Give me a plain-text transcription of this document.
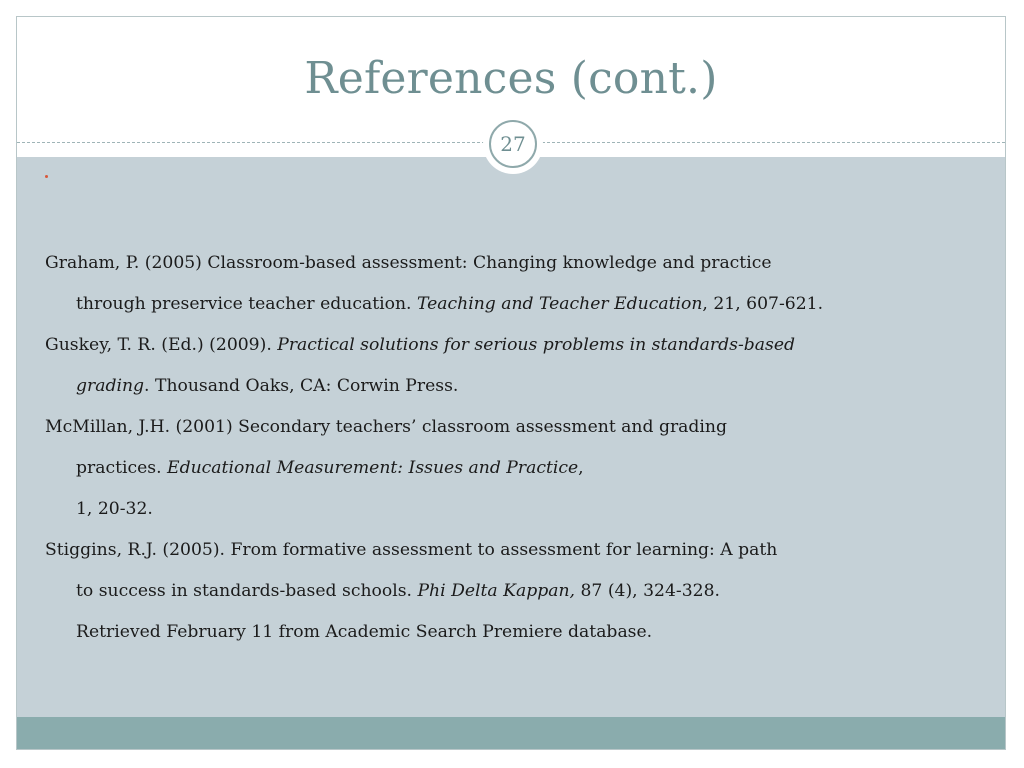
References (cont.)
27
Graham, P. (2005) Classroom-based assessment: Changing knowledge and practice
through preservice teacher education. Teaching and Teacher Education, 21, 607-621.
Guskey, T. R. (Ed.) (2009). Practical solutions for serious problems in standards-based
grading. Thousand Oaks, CA: Corwin Press.
McMillan, J.H. (2001) Secondary teachers’ classroom assessment and grading
practices. Educational Measurement: Issues and Practice,
1, 20-32.
Stiggins, R.J. (2005). From formative assessment to assessment for learning: A path
to success in standards-based schools. Phi Delta Kappan, 87 (4), 324-328.
Retrieved February 11 from Academic Search Premiere database.
